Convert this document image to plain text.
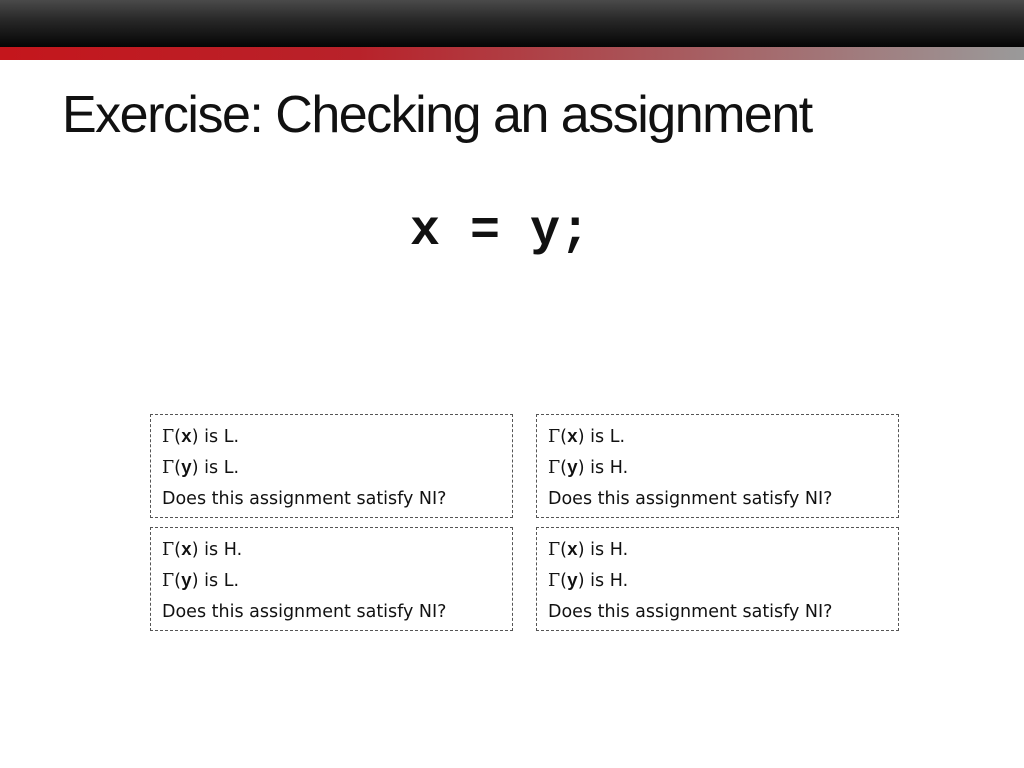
Exercise: Checking an assignment
x = y;
Γ(x) is L.
Γ(y) is L.
Does this assignment satisfy NI?
Γ(x) is L.
Γ(y) is H.
Does this assignment satisfy NI?
Γ(x) is H.
Γ(y) is L.
Does this assignment satisfy NI?
Γ(x) is H.
Γ(y) is H.
Does this assignment satisfy NI?
